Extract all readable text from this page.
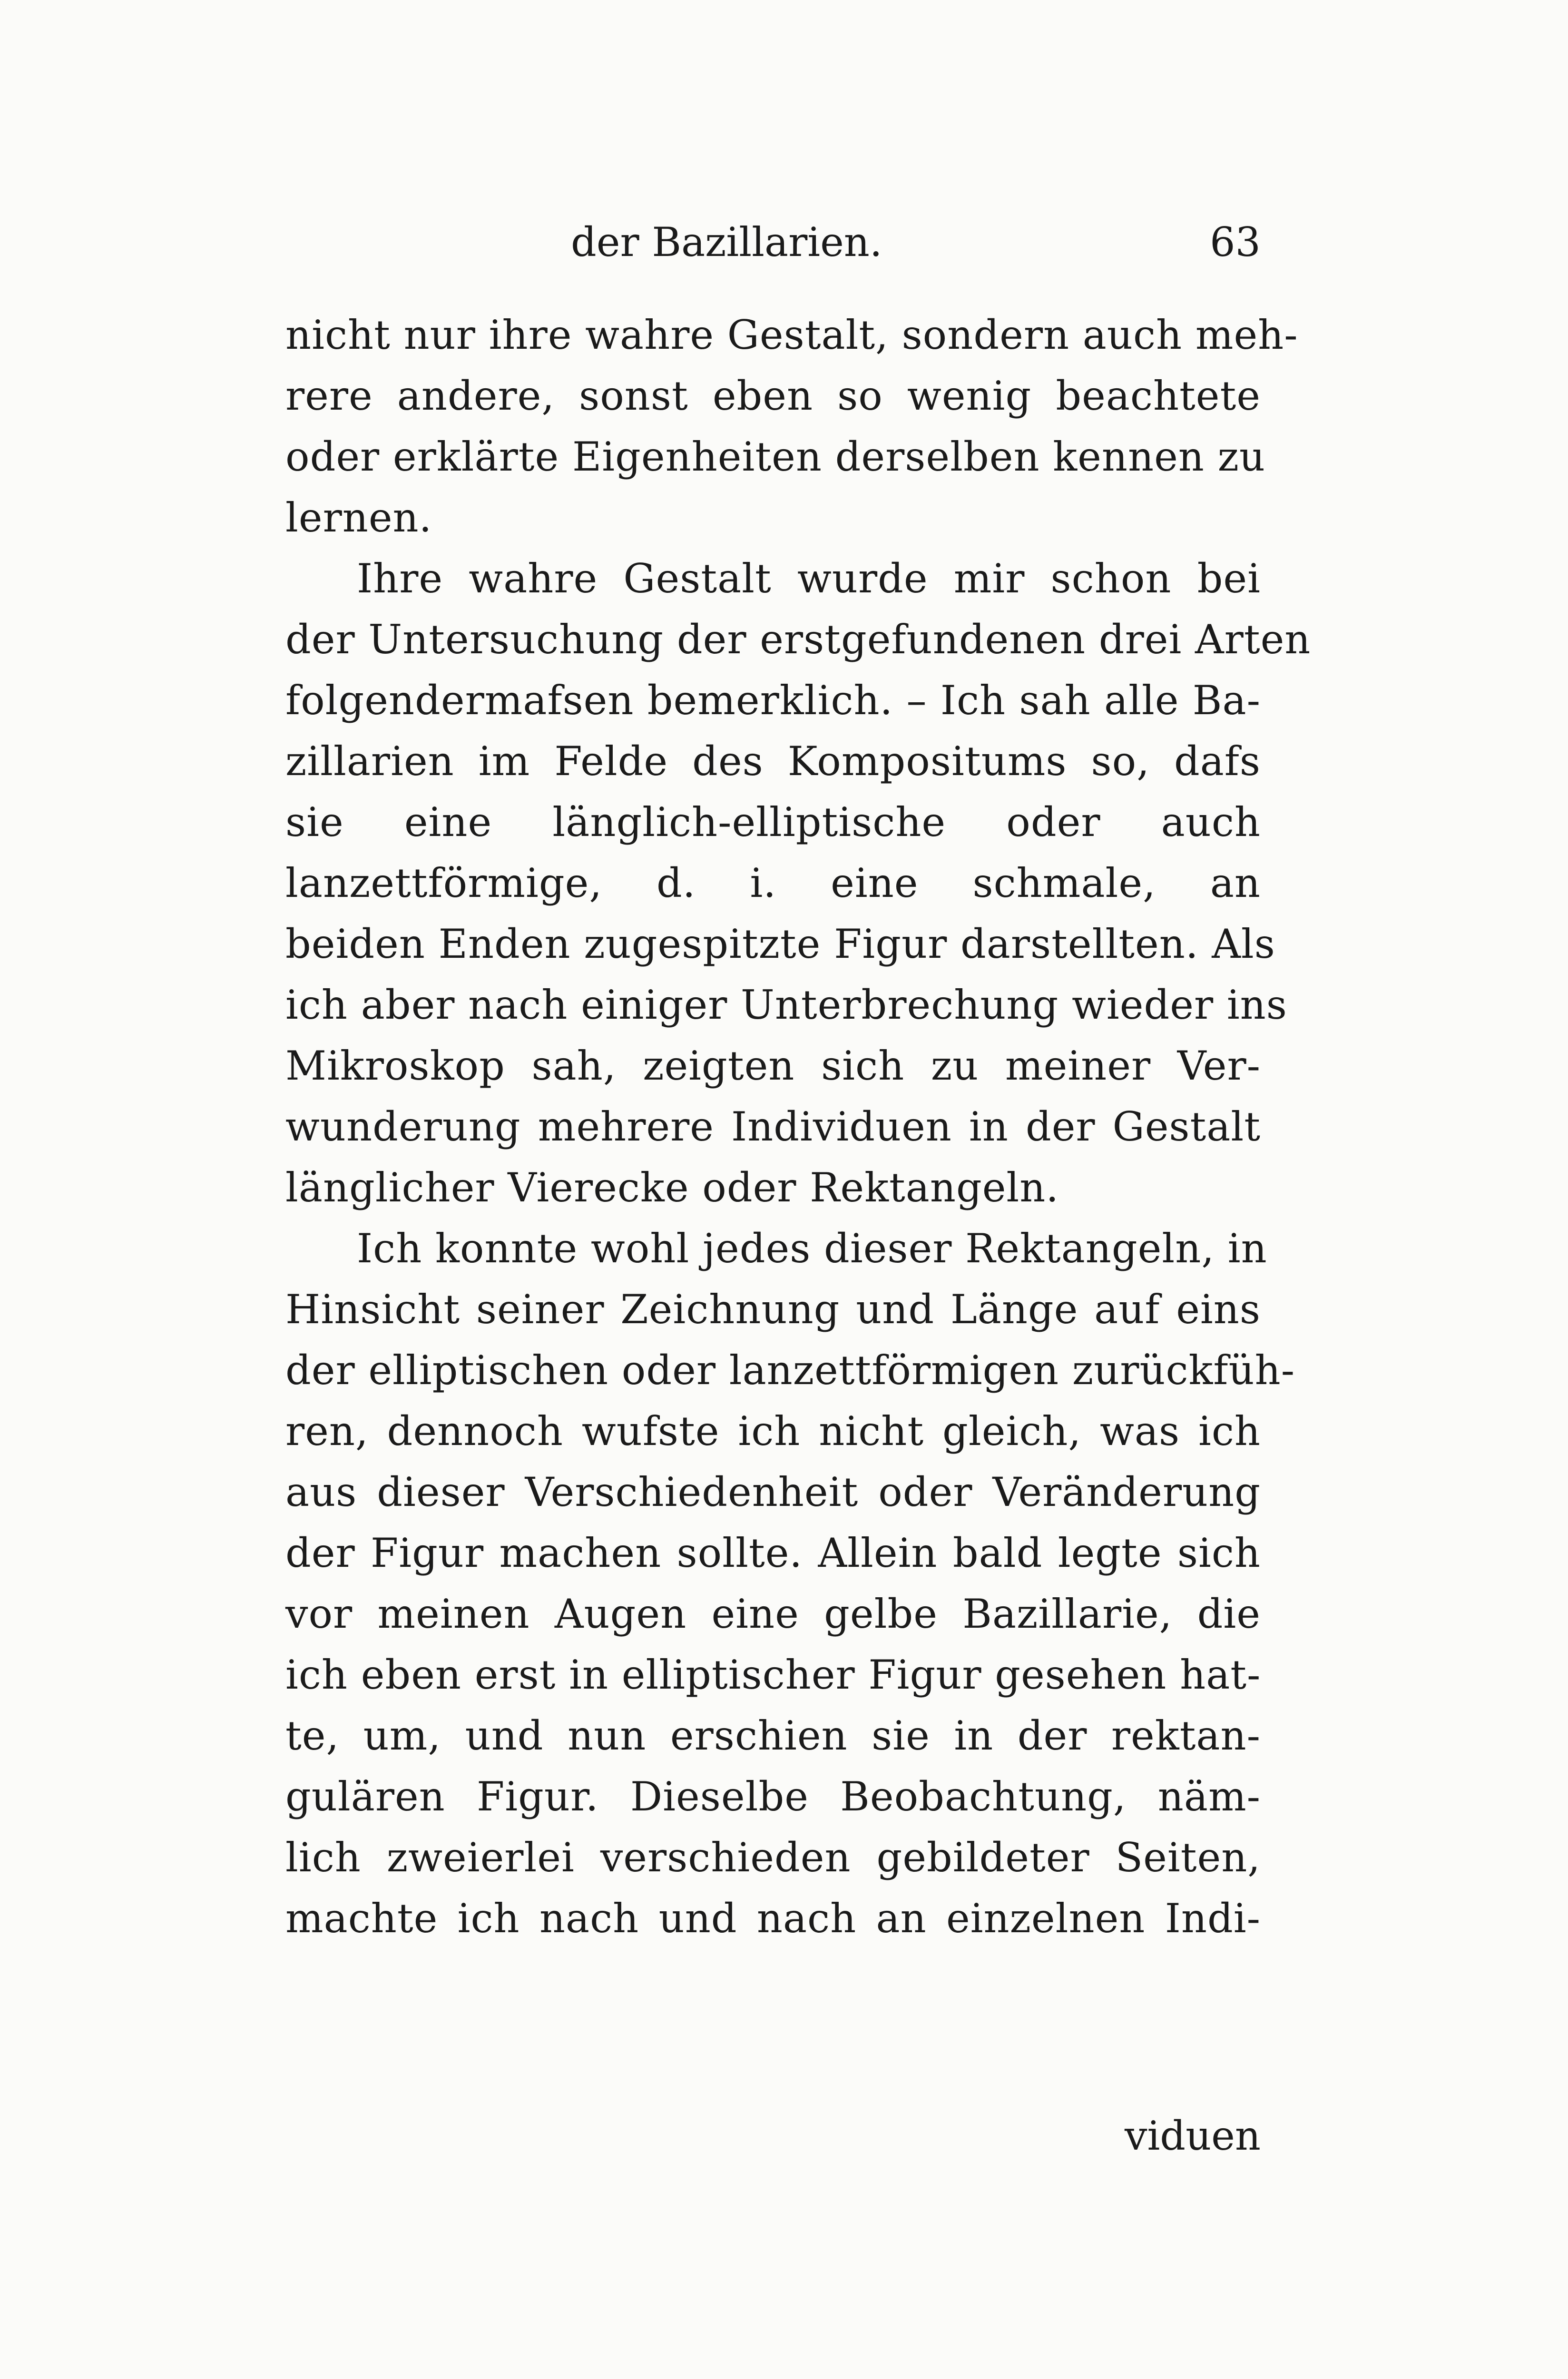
der Bazillarien.	63
nicht nur ihre wahre Gestalt, sondern auch meh-
rere andere, sonst eben so wenig beachtete
oder erklärte Eigenheiten derselben kennen zu
lernen.
Ihre wahre Gestalt wurde mir schon bei
der Untersuchung der erstgefundenen drei Arten
folgendermafsen bemerklich. – Ich sah alle Ba-
zillarien im Felde des Kompositums so, dafs
sie eine länglich-elliptische oder auch
lanzettförmige, d. i. eine schmale, an
beiden Enden zugespitzte Figur darstellten. Als
ich aber nach einiger Unterbrechung wieder ins
Mikroskop sah, zeigten sich zu meiner Ver-
wunderung mehrere Individuen in der Gestalt
länglicher Vierecke oder Rektangeln.
Ich konnte wohl jedes dieser Rektangeln, in
Hinsicht seiner Zeichnung und Länge auf eins
der elliptischen oder lanzettförmigen zurückfüh-
ren, dennoch wufste ich nicht gleich, was ich
aus dieser Verschiedenheit oder Veränderung
der Figur machen sollte. Allein bald legte sich
vor meinen Augen eine gelbe Bazillarie, die
ich eben erst in elliptischer Figur gesehen hat-
te, um, und nun erschien sie in der rektan-
gulären Figur. Dieselbe Beobachtung, näm-
lich zweierlei verschieden gebildeter Seiten,
machte ich nach und nach an einzelnen Indi-
viduen
